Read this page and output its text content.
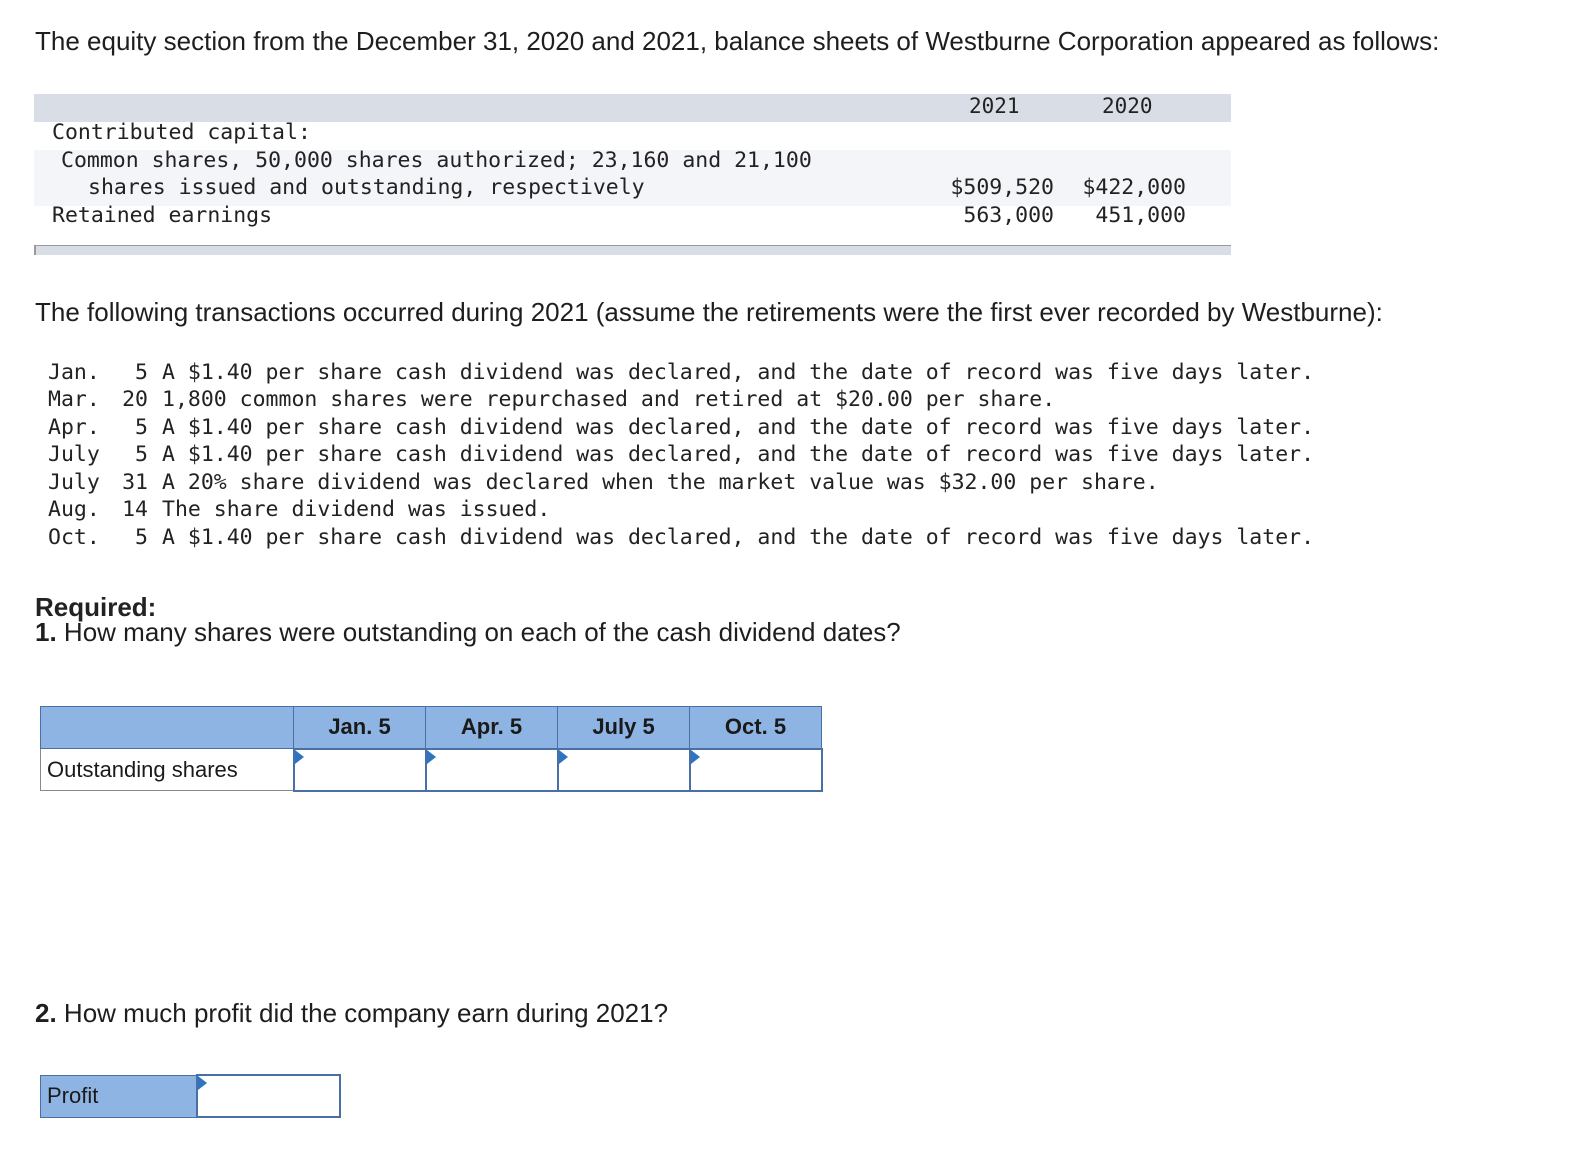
The equity section from the December 31, 2020 and 2021, balance sheets of Westburne Corporation appeared as follows:
2021	2020
Contributed capital:
Common shares, 50,000 shares authorized; 23,160 and 21,100
shares issued and outstanding, respectively	$509,520	$422,000
Retained earnings	563,000	451,000
The following transactions occurred during 2021 (assume the retirements were the first ever recorded by Westburne):
Jan. 5 A $1.40 per share cash dividend was declared, and the date of record was five days later.
Mar. 20 1,800 common shares were repurchased and retired at $20.00 per share.
Apr. 5 A $1.40 per share cash dividend was declared, and the date of record was five days later.
July 5 A $1.40 per share cash dividend was declared, and the date of record was five days later.
July 31 A 20% share dividend was declared when the market value was $32.00 per share.
Aug. 14 The share dividend was issued.
Oct. 5 A $1.40 per share cash dividend was declared, and the date of record was five days later.
Required:
1. How many shares were outstanding on each of the cash dividend dates?
	Jan. 5	Apr. 5	July 5	Oct. 5
Outstanding shares	

2. How much profit did the company earn during 2021?
Profit	
